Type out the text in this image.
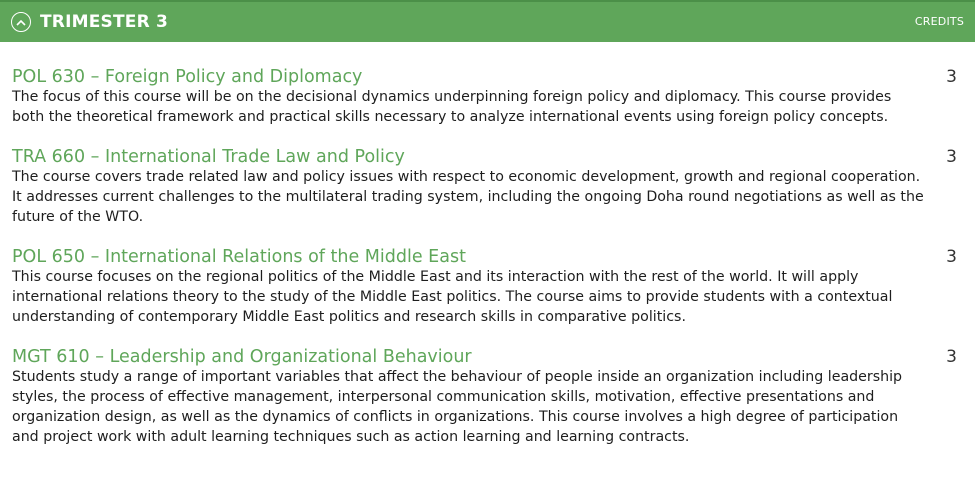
TRIMESTER 3	CREDITS
POL 630 – Foreign Policy and Diplomacy	3
The focus of this course will be on the decisional dynamics underpinning foreign policy and diplomacy. This course provides both the theoretical framework and practical skills necessary to analyze international events using foreign policy concepts.
TRA 660 – International Trade Law and Policy	3
The course covers trade related law and policy issues with respect to economic development, growth and regional cooperation. It addresses current challenges to the multilateral trading system, including the ongoing Doha round negotiations as well as the future of the WTO.
POL 650 – International Relations of the Middle East	3
This course focuses on the regional politics of the Middle East and its interaction with the rest of the world. It will apply international relations theory to the study of the Middle East politics. The course aims to provide students with a contextual understanding of contemporary Middle East politics and research skills in comparative politics.
MGT 610 – Leadership and Organizational Behaviour	3
Students study a range of important variables that affect the behaviour of people inside an organization including leadership styles, the process of effective management, interpersonal communication skills, motivation, effective presentations and organization design, as well as the dynamics of conflicts in organizations. This course involves a high degree of participation and project work with adult learning techniques such as action learning and learning contracts.
